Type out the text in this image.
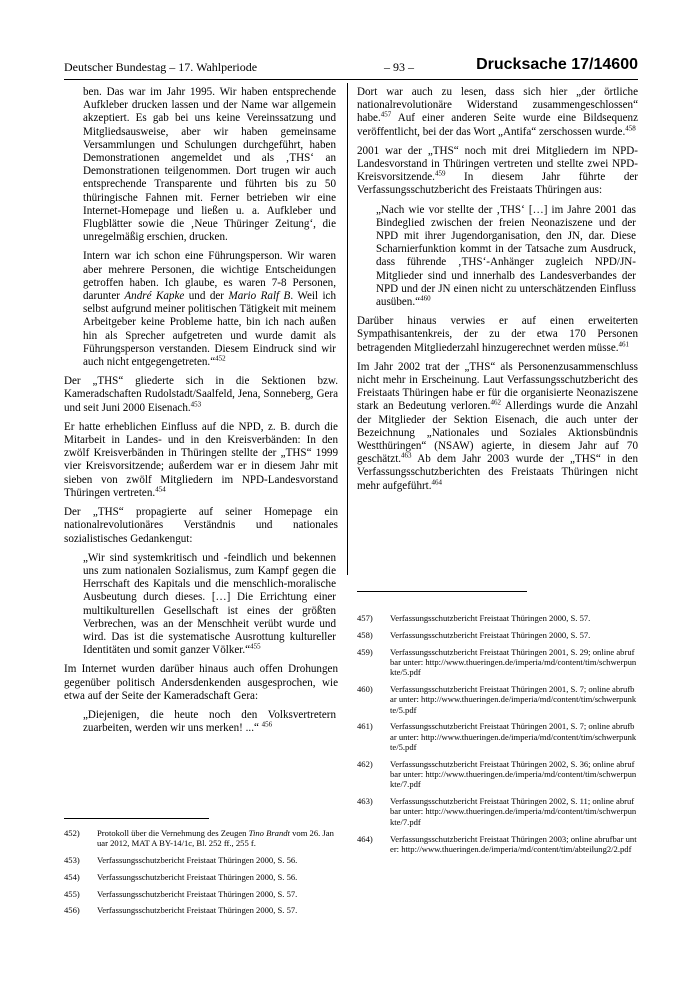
Deutscher Bundestag – 17. Wahlperiode	– 93 –	Drucksache 17/14600

ben. Das war im Jahr 1995. Wir haben entsprechende Aufkleber drucken lassen und der Name war allgemein akzeptiert. Es gab bei uns keine Vereinssatzung und Mitgliedsausweise, aber wir haben gemeinsame Versammlungen und Schulungen durchgeführt, haben Demonstrationen angemeldet und als ‚THS‘ an Demonstrationen teilgenommen. Dort trugen wir auch entsprechende Transparente und führten bis zu 50 thüringische Fahnen mit. Ferner betrieben wir eine Internet-Homepage und ließen u. a. Aufkleber und Flugblätter sowie die ‚Neue Thüringer Zeitung‘, die unregelmäßig erschien, drucken.

Intern war ich schon eine Führungsperson. Wir waren aber mehrere Personen, die wichtige Entscheidungen getroffen haben. Ich glaube, es waren 7-8 Personen, darunter André Kapke und der Mario Ralf B. Weil ich selbst aufgrund meiner politischen Tätigkeit mit meinem Arbeitgeber keine Probleme hatte, bin ich nach außen hin als Sprecher aufgetreten und wurde damit als Führungsperson verstanden. Diesem Eindruck sind wir auch nicht entgegengetreten.“$^{452}$

Der „THS“ gliederte sich in die Sektionen bzw. Kameradschaften Rudolstadt/Saalfeld, Jena, Sonneberg, Gera und seit Juni 2000 Eisenach.$^{453}$

Er hatte erheblichen Einfluss auf die NPD, z. B. durch die Mitarbeit in Landes- und in den Kreisverbänden: In den zwölf Kreisverbänden in Thüringen stellte der „THS“ 1999 vier Kreisvorsitzende; außerdem war er in diesem Jahr mit sieben von zwölf Mitgliedern im NPD-Landesvorstand Thüringen vertreten.$^{454}$

Der „THS“ propagierte auf seiner Homepage ein nationalrevolutionäres Verständnis und nationales sozialistisches Gedankengut:

„Wir sind systemkritisch und -feindlich und bekennen uns zum nationalen Sozialismus, zum Kampf gegen die Herrschaft des Kapitals und die menschlich-moralische Ausbeutung durch dieses. […] Die Errichtung einer multikulturellen Gesellschaft ist eines der größten Verbrechen, was an der Menschheit verübt wurde und wird. Das ist die systematische Ausrottung kultureller Identitäten und somit ganzer Völker.“$^{455}$

Im Internet wurden darüber hinaus auch offen Drohungen gegenüber politisch Andersdenkenden ausgesprochen, wie etwa auf der Seite der Kameradschaft Gera:

„Diejenigen, die heute noch den Volksvertretern zuarbeiten, werden wir uns merken! ...“ $^{456}$

Dort war auch zu lesen, dass sich hier „der örtliche nationalrevolutionäre Widerstand zusammengeschlossen“ habe.$^{457}$ Auf einer anderen Seite wurde eine Bildsequenz veröffentlicht, bei der das Wort „Antifa“ zerschossen wurde.$^{458}$

2001 war der „THS“ noch mit drei Mitgliedern im NPD-Landesvorstand in Thüringen vertreten und stellte zwei NPD-Kreisvorsitzende.$^{459}$ In diesem Jahr führte der Verfassungsschutzbericht des Freistaats Thüringen aus:

„Nach wie vor stellte der ‚THS‘ […] im Jahre 2001 das Bindeglied zwischen der freien Neonaziszene und der NPD mit ihrer Jugendorganisation, den JN, dar. Diese Scharnierfunktion kommt in der Tatsache zum Ausdruck, dass führende ‚THS‘-Anhänger zugleich NPD/JN-Mitglieder sind und innerhalb des Landesverbandes der NPD und der JN einen nicht zu unterschätzenden Einfluss ausüben.“$^{460}$

Darüber hinaus verwies er auf einen erweiterten Sympathisantenkreis, der zu der etwa 170 Personen betragenden Mitgliederzahl hinzugerechnet werden müsse.$^{461}$

Im Jahr 2002 trat der „THS“ als Personenzusammenschluss nicht mehr in Erscheinung. Laut Verfassungsschutzbericht des Freistaats Thüringen habe er für die organisierte Neonaziszene stark an Bedeutung verloren.$^{462}$ Allerdings wurde die Anzahl der Mitglieder der Sektion Eisenach, die auch unter der Bezeichnung „Nationales und Soziales Aktionsbündnis Westthüringen“ (NSAW) agierte, in diesem Jahr auf 70 geschätzt.$^{463}$ Ab dem Jahr 2003 wurde der „THS“ in den Verfassungsschutzberichten des Freistaats Thüringen nicht mehr aufgeführt.$^{464}$

452)	Protokoll über die Vernehmung des Zeugen Tino Brandt vom 26. Januar 2012, MAT A BY-14/1c, Bl. 252 ff., 255 f.
453)	Verfassungsschutzbericht Freistaat Thüringen 2000, S. 56.
454)	Verfassungsschutzbericht Freistaat Thüringen 2000, S. 56.
455)	Verfassungsschutzbericht Freistaat Thüringen 2000, S. 57.
456)	Verfassungsschutzbericht Freistaat Thüringen 2000, S. 57.
457)	Verfassungsschutzbericht Freistaat Thüringen 2000, S. 57.
458)	Verfassungsschutzbericht Freistaat Thüringen 2000, S. 57.
459)	Verfassungsschutzbericht Freistaat Thüringen 2001, S. 29; online abrufbar unter: http://www.thueringen.de/imperia/md/content/tim/schwerpunkte/5.pdf
460)	Verfassungsschutzbericht Freistaat Thüringen 2001, S. 7; online abrufbar unter: http://www.thueringen.de/imperia/md/content/tim/schwerpunkte/5.pdf
461)	Verfassungsschutzbericht Freistaat Thüringen 2001, S. 7; online abrufbar unter: http://www.thueringen.de/imperia/md/content/tim/schwerpunkte/5.pdf
462)	Verfassungsschutzbericht Freistaat Thüringen 2002, S. 36; online abrufbar unter: http://www.thueringen.de/imperia/md/content/tim/schwerpunkte/7.pdf
463)	Verfassungsschutzbericht Freistaat Thüringen 2002, S. 11; online abrufbar unter: http://www.thueringen.de/imperia/md/content/tim/schwerpunkte/7.pdf
464)	Verfassungsschutzbericht Freistaat Thüringen 2003; online abrufbar unter: http://www.thueringen.de/imperia/md/content/tim/abteilung2/2.pdf
